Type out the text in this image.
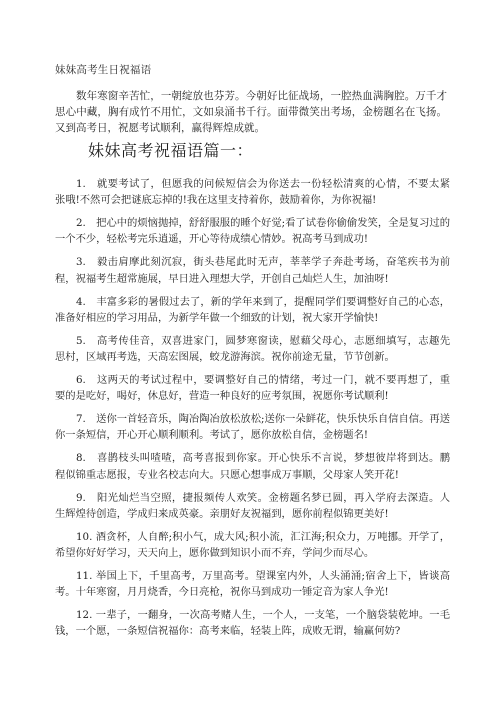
妹妹高考生日祝福语

数年寒窗辛苦忙，一朝绽放也芬芳。今朝好比征战场，一腔热血满胸腔。万千才思心中藏，胸有成竹不用忙，文如泉涌书千行。面带微笑出考场，金榜题名在飞扬。又到高考日，祝愿考试顺利，赢得辉煌成就。

妹妹高考祝福语篇一：
1.　就要考试了，但愿我的问候短信会为你送去一份轻松清爽的心情，不要太紧　张哦!不然可会把谜底忘掉的!我在这里支持着你，鼓励着你，为你祝福!
2.　把心中的烦恼抛掉，舒舒服服的睡个好觉;看了试卷你偷偷发笑，全是复习过的一个不少，轻松考完乐逍遥，开心等待成绩心情妙。祝高考马到成功!
3.　毅击肩摩此刻沉寂，街头巷尾此时无声，莘莘学子奔赴考场，奋笔疾书为前　程，祝福考生超常施展，早日进入理想大学，开创自己灿烂人生，加油呀!
4.　丰富多彩的暑假过去了，新的学年来到了，提醒同学们要调整好自己的心态，准备好相应的学习用品，为新学年做一个细致的计划，祝大家开学愉快!
5.　高考传佳音，双喜进家门，圆梦寒窗读，慰藉父母心，志愿细填写，志趣先　思村，区域再考选，天高宏图展，蛟龙游海滨。祝你前途无量，节节创新。
6.　这两天的考试过程中，要调整好自己的情绪，考过一门，就不要再想了，重　要的是吃好，喝好，休息好，营造一种良好的应考氛围，祝愿你考试顺利!
7.　送你一首轻音乐，陶冶陶冶放松放松;送你一朵鲜花，快乐快乐自信自信。再送你一条短信，开心开心顺利顺利。考试了，愿你放松自信，金榜题名!
8.　喜鹊枝头叫喳喳，高考喜报到你家。开心快乐不言说，梦想彼岸将到达。鹏　程似锦重志愿报，专业名校志向大。只愿心想事成万事顺，父母家人笑开花!
9.　阳光灿烂当空照，捷报频传人欢笑。金榜题名梦已圆，再入学府去深造。人　生辉煌待创造，学成归来成英豪。亲朋好友祝福到，愿你前程似锦更美好!
10. 酒贪杯，人自醉;积小气，成大风;积小流，汇江海;积众力，万吨挪。开学了，希望你好好学习，天天向上，愿你做到知识小而不弃，学问少而尽心。
11. 举国上下，千里高考，万里高考。望课室内外，人头涌涌;宿舍上下，皆谈高考。十年寒窗，月月烧香，今日亮枪，祝你马到成功一锤定音为家人争光!
12. 一辈子，一翻身，一次高考赌人生，一个人，一支笔，一个脑袋装乾坤。一毛钱，一个愿，一条短信祝福你：高考来临，轻装上阵，成败无谓，输赢何妨?
